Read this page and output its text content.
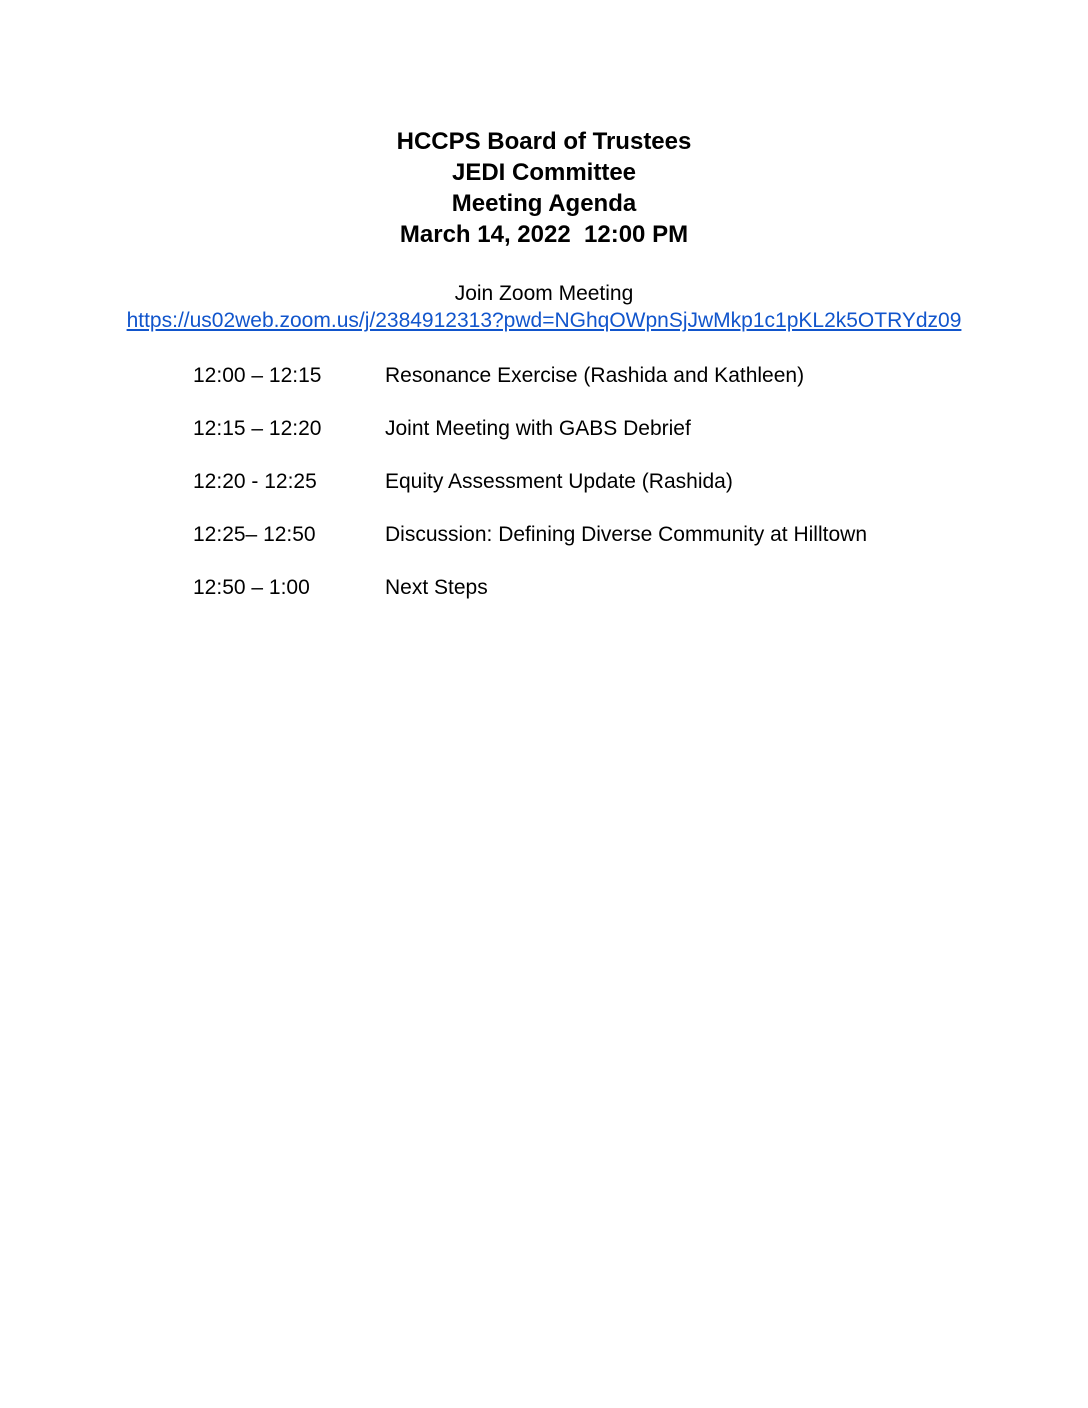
HCCPS Board of Trustees
JEDI Committee
Meeting Agenda
March 14, 2022  12:00 PM
Join Zoom Meeting
https://us02web.zoom.us/j/2384912313?pwd=NGhqOWpnSjJwMkp1c1pKL2k5OTRYdz09
12:00 – 12:15	Resonance Exercise (Rashida and Kathleen)
12:15 – 12:20	Joint Meeting with GABS Debrief
12:20 - 12:25	Equity Assessment Update (Rashida)
12:25– 12:50	Discussion: Defining Diverse Community at Hilltown
12:50 – 1:00	Next Steps
